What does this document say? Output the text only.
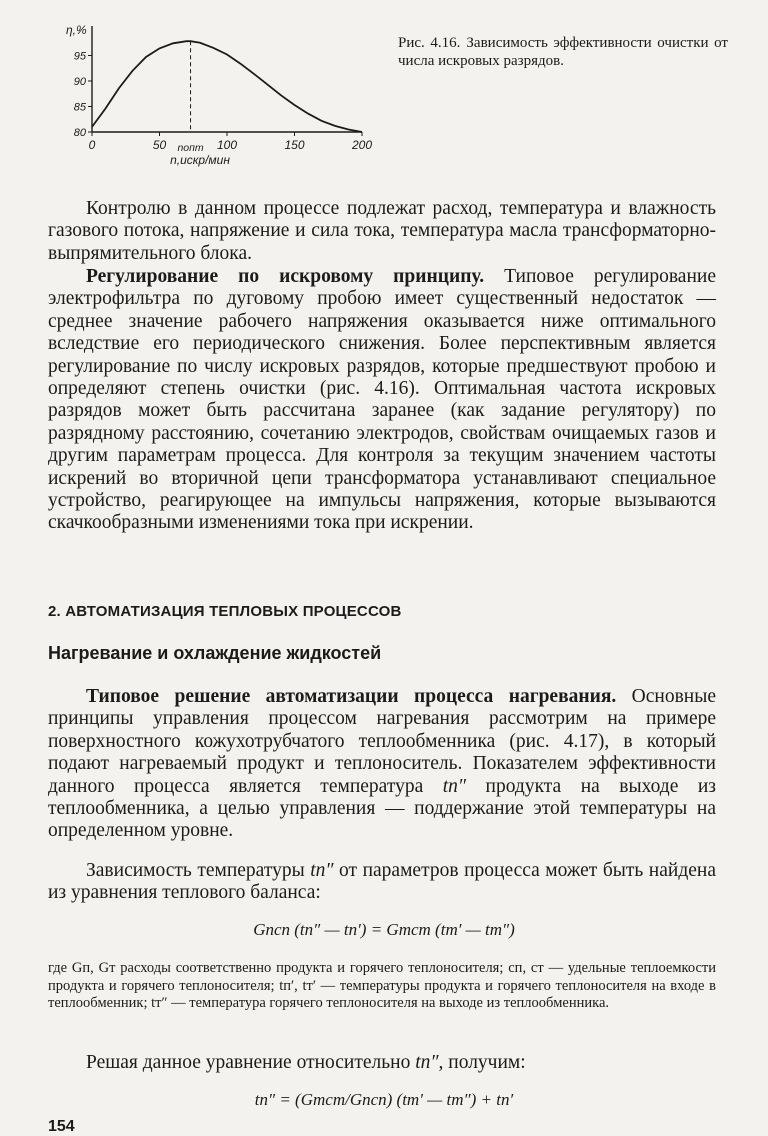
80
85
90
95
0	50	100	150	200
η,%
n,искр/мин
nопт
Рис. 4.16. Зависимость эффективности очистки от числа искровых разрядов.
Контролю в данном процессе подлежат расход, температура и влажность газового потока, напряжение и сила тока, температура масла трансформаторно-выпрямительного блока.
Регулирование по искровому принципу. Типовое регулирование электрофильтра по дуговому пробою имеет существенный недостаток — среднее значение рабочего напряжения оказывается ниже оптимального вследствие его периодического снижения. Более перспективным является регулирование по числу искровых разрядов, которые предшествуют пробою и определяют степень очистки (рис. 4.16). Оптимальная частота искровых разрядов может быть рассчитана заранее (как задание регулятору) по разрядному расстоянию, сочетанию электродов, свойствам очищаемых газов и другим параметрам процесса. Для контроля за текущим значением частоты искрений во вторичной цепи трансформатора устанавливают специальное устройство, реагирующее на импульсы напряжения, которые вызываются скачкообразными изменениями тока при искрении.
2. АВТОМАТИЗАЦИЯ ТЕПЛОВЫХ ПРОЦЕССОВ
Нагревание и охлаждение жидкостей
Типовое решение автоматизации процесса нагревания. Основные принципы управления процессом нагревания рассмотрим на примере поверхностного кожухотрубчатого теплообменника (рис. 4.17), в который подают нагреваемый продукт и теплоноситель. Показателем эффективности данного процесса является температура tп″ продукта на выходе из теплообменника, а целью управления — поддержание этой температуры на определенном уровне.
Зависимость температуры tп″ от параметров процесса может быть найдена из уравнения теплового баланса:
Gпcп (tп″ — tп′) = Gтcт (tт′ — tт″)
где Gп, Gт расходы соответственно продукта и горячего теплоносителя; cп, cт — удельные теплоемкости продукта и горячего теплоносителя; tп′, tт′ — температуры продукта и горячего теплоносителя на входе в теплообменник; tт″ — температура горячего теплоносителя на выходе из теплообменника.
Решая данное уравнение относительно tп″, получим:
tп″ = (Gтcт/Gпcп) (tт′ — tт″) + tп′
154
